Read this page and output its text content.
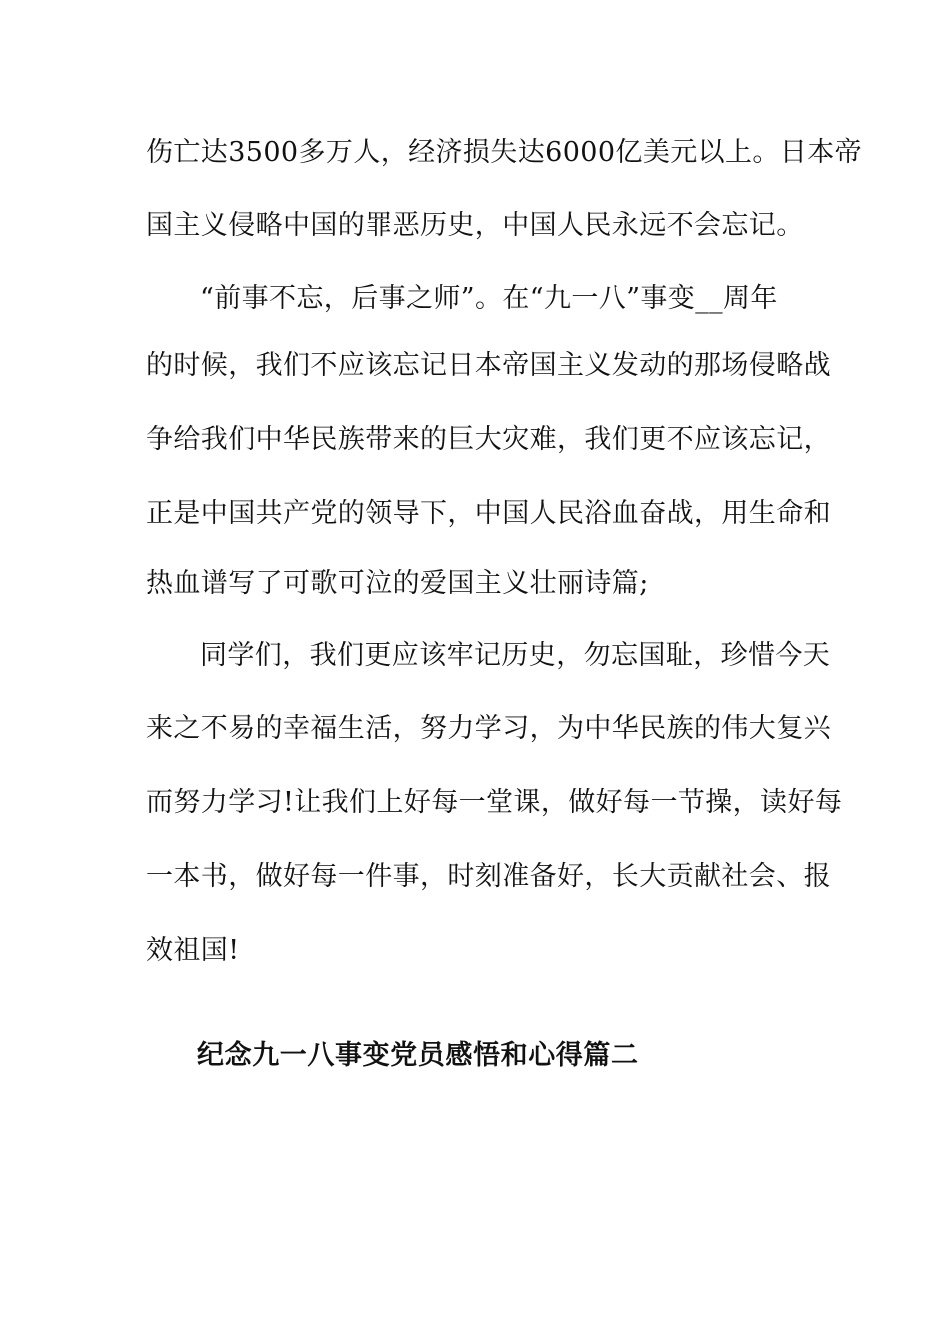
伤亡达3500多万人，经济损失达6000亿美元以上。日本帝
国主义侵略中国的罪恶历史，中国人民永远不会忘记。
“前事不忘，后事之师”。在“九一八”事变__周年
的时候，我们不应该忘记日本帝国主义发动的那场侵略战
争给我们中华民族带来的巨大灾难，我们更不应该忘记，
正是中国共产党的领导下，中国人民浴血奋战，用生命和
热血谱写了可歌可泣的爱国主义壮丽诗篇;
同学们，我们更应该牢记历史，勿忘国耻，珍惜今天
来之不易的幸福生活，努力学习，为中华民族的伟大复兴
而努力学习!让我们上好每一堂课，做好每一节操，读好每
一本书，做好每一件事，时刻准备好，长大贡献社会、报
效祖国!
纪念九一八事变党员感悟和心得篇二
